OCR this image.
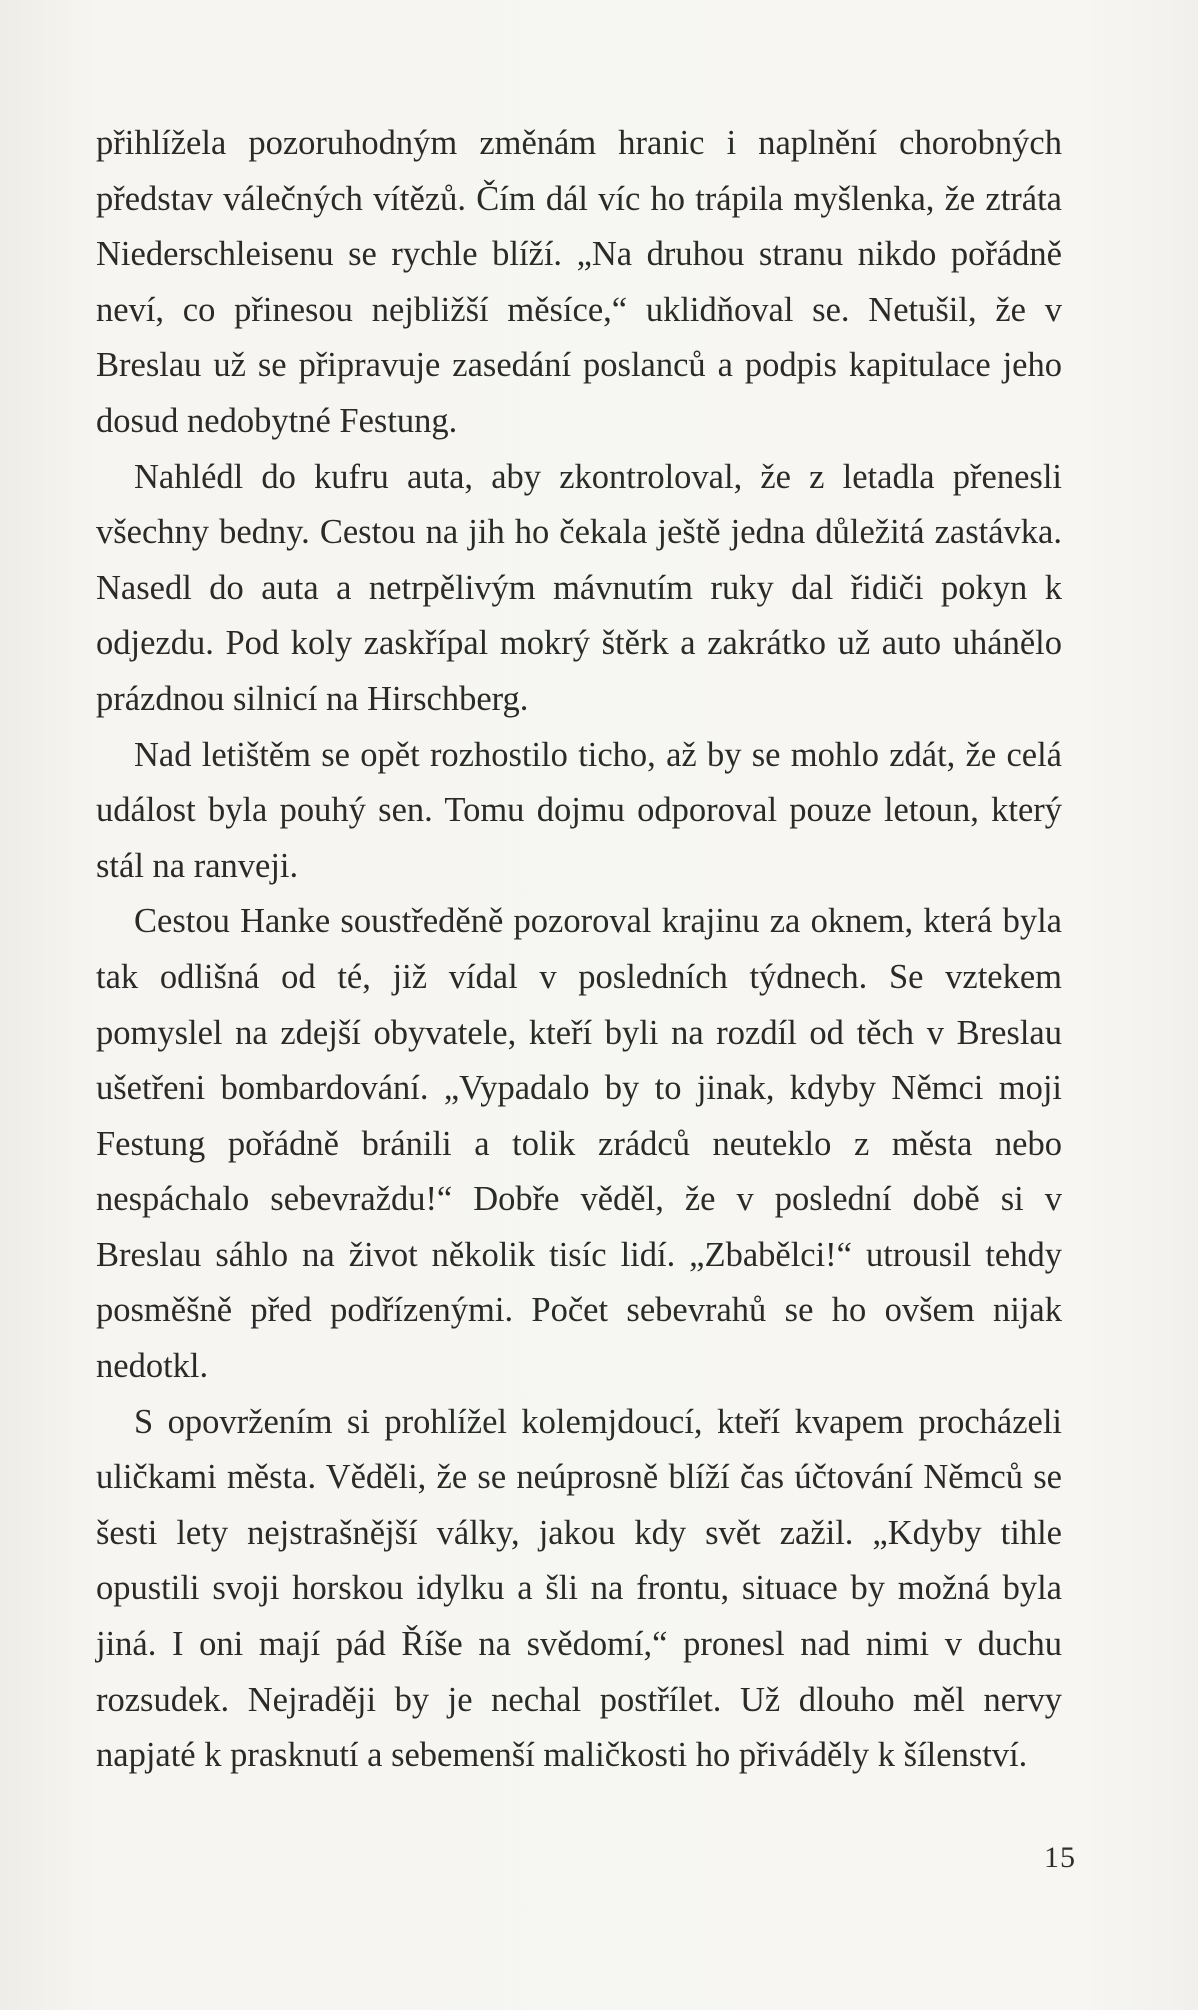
přihlížela pozoruhodným změnám hranic i naplnění chorobných představ válečných vítězů. Čím dál víc ho trápila myšlenka, že ztráta Niederschleisenu se rychle blíží. „Na druhou stranu nikdo pořádně neví, co přinesou nejbližší měsíce,“ uklidňoval se. Netušil, že v Breslau už se připravuje zasedání poslanců a podpis kapitulace jeho dosud nedobytné Festung.

Nahlédl do kufru auta, aby zkontroloval, že z letadla přenesli všechny bedny. Cestou na jih ho čekala ještě jedna důležitá zastávka. Nasedl do auta a netrpělivým mávnutím ruky dal řidiči pokyn k odjezdu. Pod koly zaskřípal mokrý štěrk a zakrátko už auto uhánělo prázdnou silnicí na Hirschberg.

Nad letištěm se opět rozhostilo ticho, až by se mohlo zdát, že celá událost byla pouhý sen. Tomu dojmu odporoval pouze letoun, který stál na ranveji.

Cestou Hanke soustředěně pozoroval krajinu za oknem, která byla tak odlišná od té, již vídal v posledních týdnech. Se vztekem pomyslel na zdejší obyvatele, kteří byli na rozdíl od těch v Breslau ušetřeni bombardování. „Vypadalo by to jinak, kdyby Němci moji Festung pořádně bránili a tolik zrádců neuteklo z města nebo nespáchalo sebevraždu!“ Dobře věděl, že v poslední době si v Breslau sáhlo na život několik tisíc lidí. „Zbabělci!“ utrousil tehdy posměšně před podřízenými. Počet sebevrahů se ho ovšem nijak nedotkl.

S opovržením si prohlížel kolemjdoucí, kteří kvapem procházeli uličkami města. Věděli, že se neúprosně blíží čas účtování Němců se šesti lety nejstrašnější války, jakou kdy svět zažil. „Kdyby tihle opustili svoji horskou idylku a šli na frontu, situace by možná byla jiná. I oni mají pád Říše na svědomí,“ pronesl nad nimi v duchu rozsudek. Nejraději by je nechal postřílet. Už dlouho měl nervy napjaté k prasknutí a sebemenší maličkosti ho přiváděly k šílenství.

15
